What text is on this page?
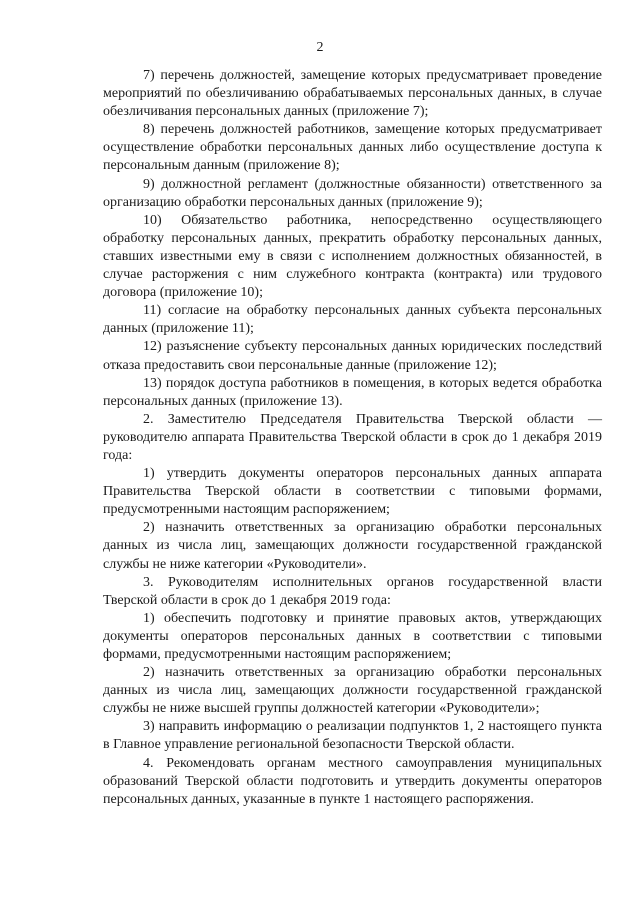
2

7) перечень должностей, замещение которых предусматривает проведение мероприятий по обезличиванию обрабатываемых персональных данных, в случае обезличивания персональных данных (приложение 7);

8) перечень должностей работников, замещение которых предусматривает осуществление обработки персональных данных либо осуществление доступа к персональным данным (приложение 8);

9) должностной регламент (должностные обязанности) ответственного за организацию обработки персональных данных (приложение 9);

10) Обязательство работника, непосредственно осуществляющего обработку персональных данных, прекратить обработку персональных данных, ставших известными ему в связи с исполнением должностных обязанностей, в случае расторжения с ним служебного контракта (контракта) или трудового договора (приложение 10);

11) согласие на обработку персональных данных субъекта персональных данных (приложение 11);

12) разъяснение субъекту персональных данных юридических последствий отказа предоставить свои персональные данные (приложение 12);

13) порядок доступа работников в помещения, в которых ведется обработка персональных данных (приложение 13).

2. Заместителю Председателя Правительства Тверской области — руководителю аппарата Правительства Тверской области в срок до 1 декабря 2019 года:

1) утвердить документы операторов персональных данных аппарата Правительства Тверской области в соответствии с типовыми формами, предусмотренными настоящим распоряжением;

2) назначить ответственных за организацию обработки персональных данных из числа лиц, замещающих должности государственной гражданской службы не ниже категории «Руководители».

3. Руководителям исполнительных органов государственной власти Тверской области в срок до 1 декабря 2019 года:

1) обеспечить подготовку и принятие правовых актов, утверждающих документы операторов персональных данных в соответствии с типовыми формами, предусмотренными настоящим распоряжением;

2) назначить ответственных за организацию обработки персональных данных из числа лиц, замещающих должности государственной гражданской службы не ниже высшей группы должностей категории «Руководители»;

3) направить информацию о реализации подпунктов 1, 2 настоящего пункта в Главное управление региональной безопасности Тверской области.

4. Рекомендовать органам местного самоуправления муниципальных образований Тверской области подготовить и утвердить документы операторов персональных данных, указанные в пункте 1 настоящего распоряжения.
